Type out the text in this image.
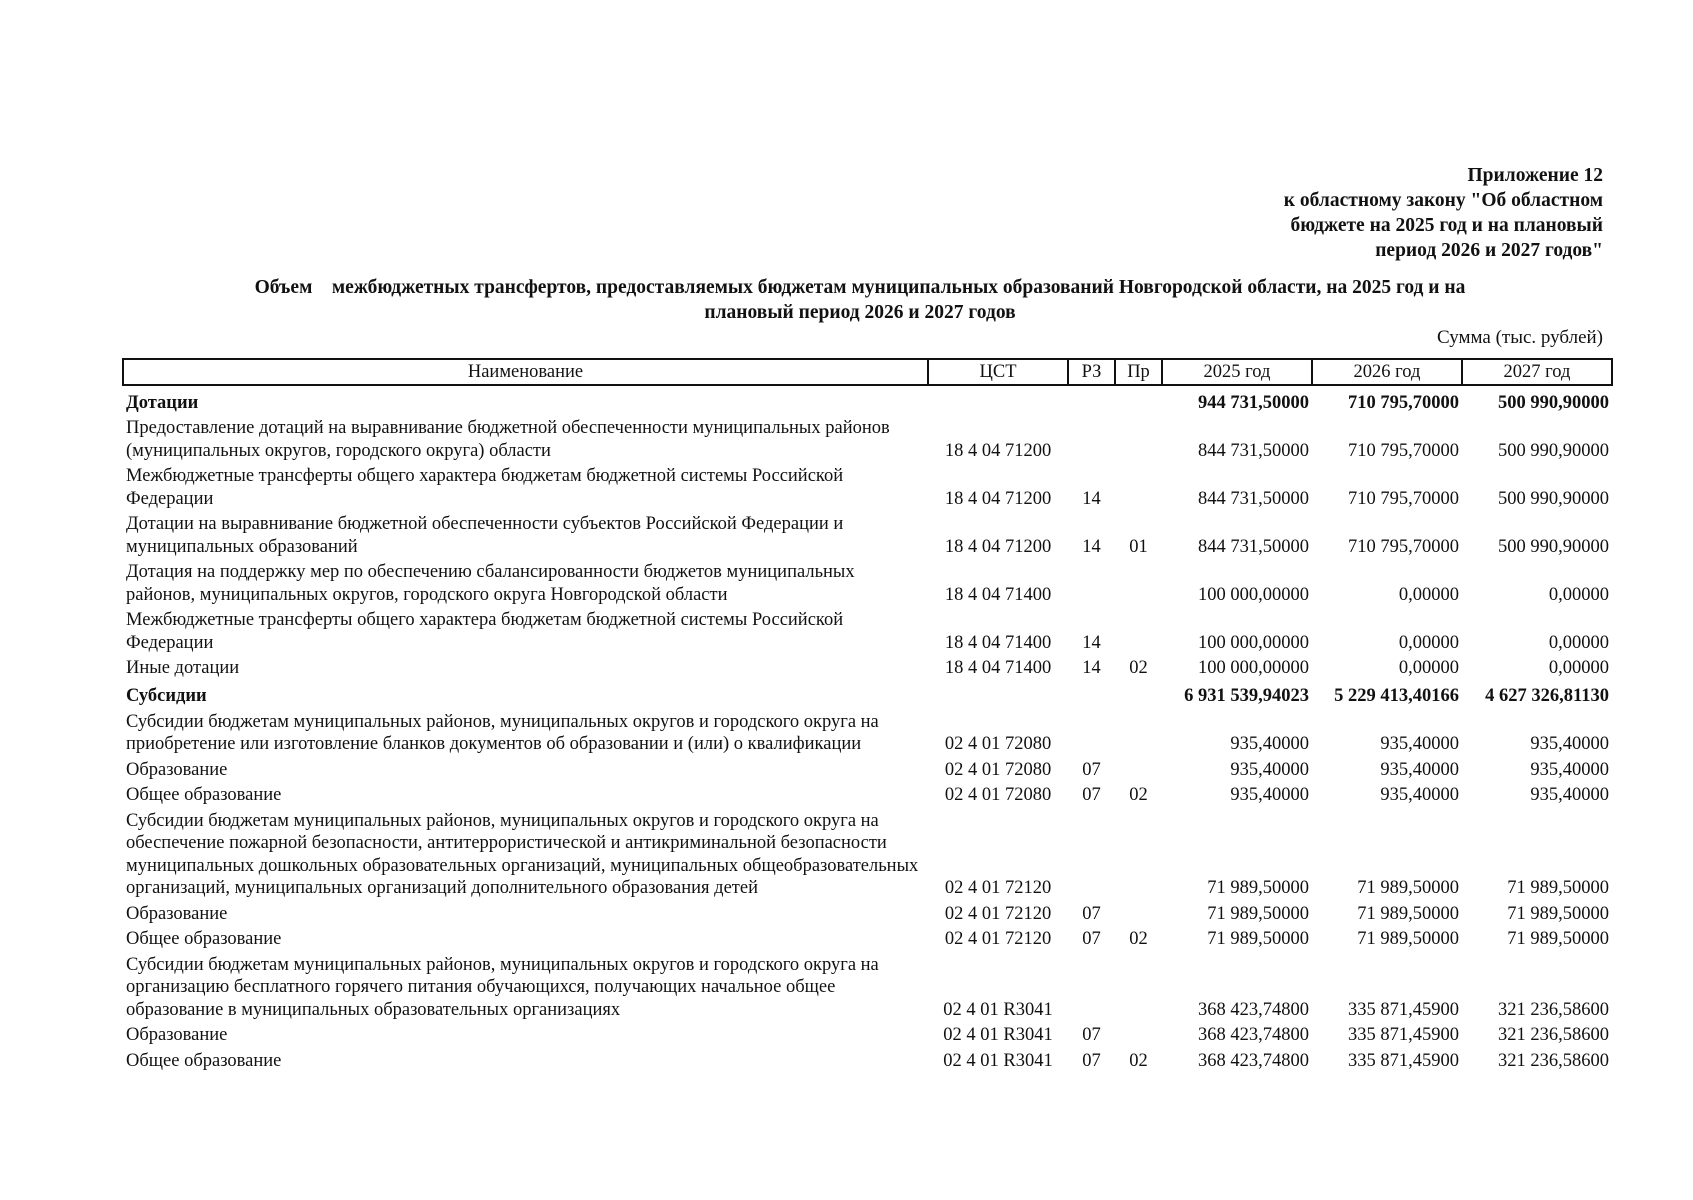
Приложение 12
к областному закону "Об областном
бюджете на 2025 год и на плановый
период 2026 и 2027 годов"
Объем    межбюджетных трансфертов, предоставляемых бюджетам муниципальных образований Новгородской области, на 2025 год и на
плановый период 2026 и 2027 годов
Сумма (тыс. рублей)
Наименование	ЦСТ	РЗ	Пр	2025 год	2026 год	2027 год
Дотации				944 731,50000	710 795,70000	500 990,90000
Предоставление дотаций на выравнивание бюджетной обеспеченности муниципальных районов (муниципальных округов, городского округа) области	18 4 04 71200			844 731,50000	710 795,70000	500 990,90000
Межбюджетные трансферты общего характера бюджетам бюджетной системы Российской Федерации	18 4 04 71200	14		844 731,50000	710 795,70000	500 990,90000
Дотации на выравнивание бюджетной обеспеченности субъектов Российской Федерации и муниципальных образований	18 4 04 71200	14	01	844 731,50000	710 795,70000	500 990,90000
Дотация на поддержку мер по обеспечению сбалансированности бюджетов муниципальных районов, муниципальных округов, городского округа Новгородской области	18 4 04 71400			100 000,00000	0,00000	0,00000
Межбюджетные трансферты общего характера бюджетам бюджетной системы Российской Федерации	18 4 04 71400	14		100 000,00000	0,00000	0,00000
Иные дотации	18 4 04 71400	14	02	100 000,00000	0,00000	0,00000
Субсидии				6 931 539,94023	5 229 413,40166	4 627 326,81130
Субсидии бюджетам муниципальных районов, муниципальных округов и городского округа на приобретение или изготовление бланков документов об образовании и (или) о квалификации	02 4 01 72080			935,40000	935,40000	935,40000
Образование	02 4 01 72080	07		935,40000	935,40000	935,40000
Общее образование	02 4 01 72080	07	02	935,40000	935,40000	935,40000
Субсидии бюджетам муниципальных районов, муниципальных округов и городского округа на обеспечение пожарной безопасности, антитеррористической и антикриминальной безопасности муниципальных дошкольных образовательных организаций, муниципальных общеобразовательных организаций, муниципальных организаций дополнительного образования детей	02 4 01 72120			71 989,50000	71 989,50000	71 989,50000
Образование	02 4 01 72120	07		71 989,50000	71 989,50000	71 989,50000
Общее образование	02 4 01 72120	07	02	71 989,50000	71 989,50000	71 989,50000
Субсидии бюджетам муниципальных районов, муниципальных округов и городского округа на организацию бесплатного горячего питания обучающихся, получающих начальное общее образование в муниципальных образовательных организациях	02 4 01 R3041			368 423,74800	335 871,45900	321 236,58600
Образование	02 4 01 R3041	07		368 423,74800	335 871,45900	321 236,58600
Общее образование	02 4 01 R3041	07	02	368 423,74800	335 871,45900	321 236,58600
